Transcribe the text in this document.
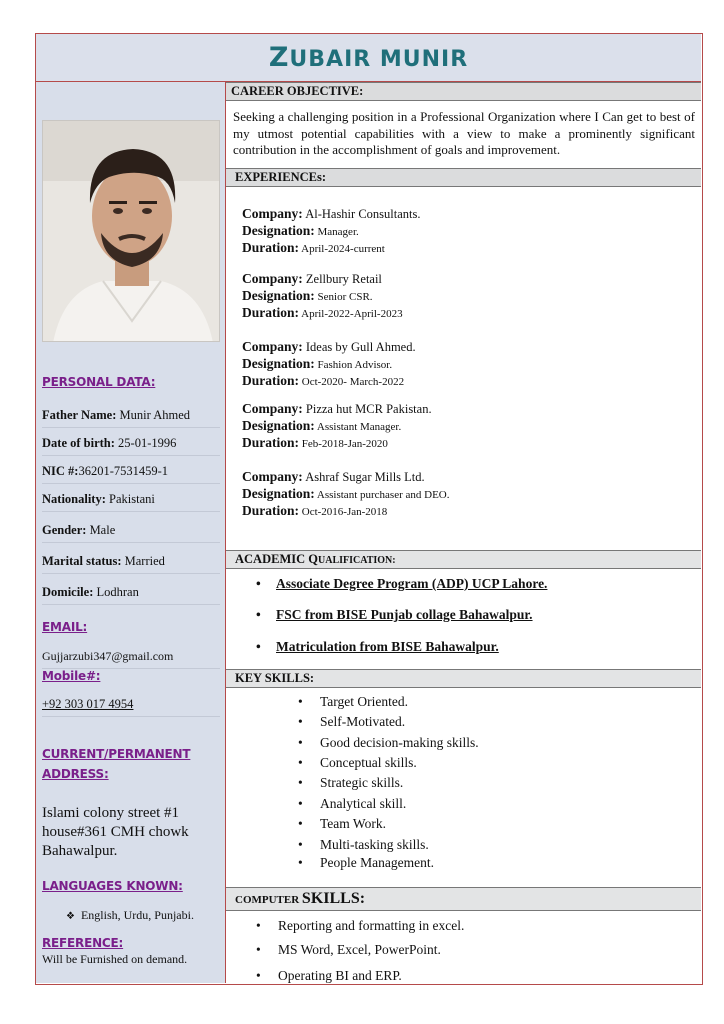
ZUBAIR MUNIR
PERSONAL DATA:
Father Name: Munir Ahmed
Date of birth: 25-01-1996
NIC #:36201-7531459-1
Nationality: Pakistani
Gender: Male
Marital status: Married
Domicile: Lodhran
EMAIL:
Gujjarzubi347@gmail.com
Mobile#:
+92 303 017 4954
CURRENT/PERMANENT
ADDRESS:
Islami colony street #1
house#361 CMH chowk
Bahawalpur.
LANGUAGES KNOWN:
❖ English, Urdu, Punjabi.
REFERENCE:
Will be Furnished on demand.
CAREER OBJECTIVE:
Seeking a challenging position in a Professional Organization where I Can get to best of my utmost potential capabilities with a view to make a prominently significant contribution in the accomplishment of goals and improvement.
EXPERIENCEs:
Company: Al-Hashir Consultants.
Designation: Manager.
Duration: April-2024-current
Company: Zellbury Retail
Designation: Senior CSR.
Duration: April-2022-April-2023
Company: Ideas by Gull Ahmed.
Designation: Fashion Advisor.
Duration: Oct-2020- March-2022
Company: Pizza hut MCR Pakistan.
Designation: Assistant Manager.
Duration: Feb-2018-Jan-2020
Company: Ashraf Sugar Mills Ltd.
Designation: Assistant purchaser and DEO.
Duration: Oct-2016-Jan-2018
ACADEMIC QUALIFICATION:
• Associate Degree Program (ADP) UCP Lahore.
• FSC from BISE Punjab collage Bahawalpur.
• Matriculation from BISE Bahawalpur.
KEY SKILLS:
• Target Oriented.
• Self-Motivated.
• Good decision-making skills.
• Conceptual skills.
• Strategic skills.
• Analytical skill.
• Team Work.
• Multi-tasking skills.
• People Management.
COMPUTER SKILLS:
• Reporting and formatting in excel.
• MS Word, Excel, PowerPoint.
• Operating BI and ERP.
